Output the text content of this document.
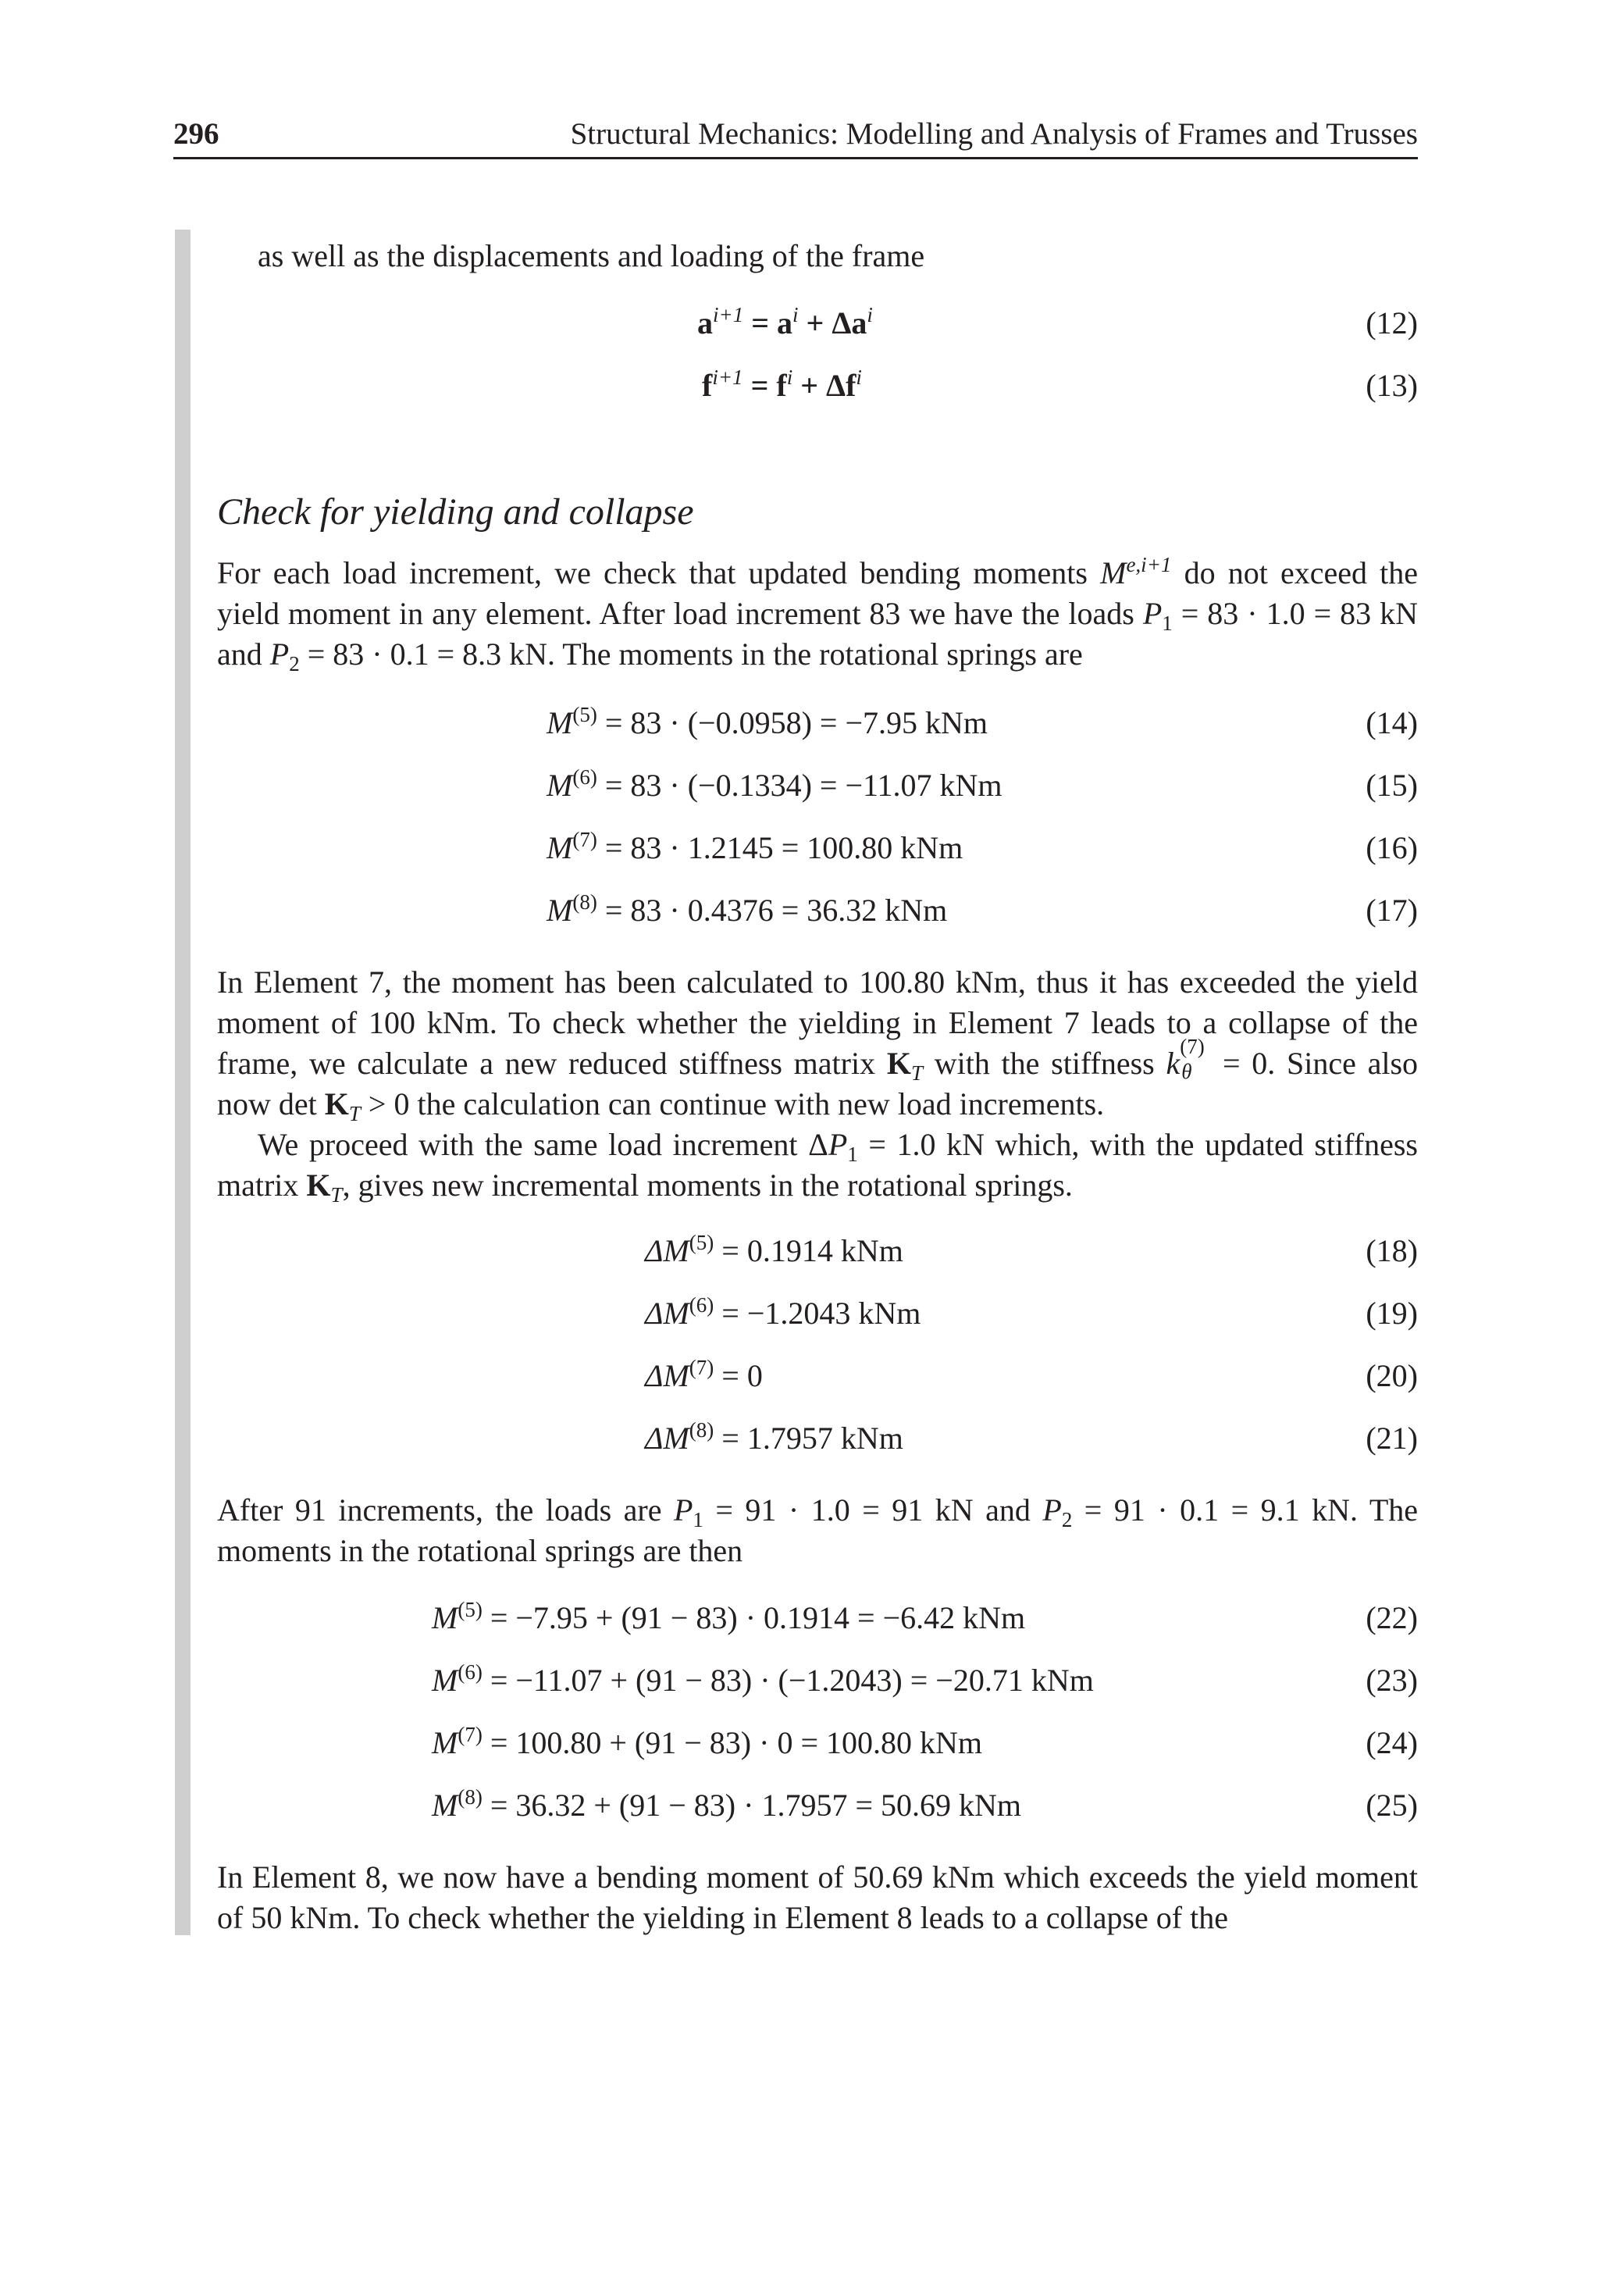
296	Structural Mechanics: Modelling and Analysis of Frames and Trusses
as well as the displacements and loading of the frame
$a^{i+1} = a^i + \Delta a^i$	(12)
$f^{i+1} = f^i + \Delta f^i$	(13)
Check for yielding and collapse
For each load increment, we check that updated bending moments $M^{e,i+1}$ do not exceed the yield moment in any element. After load increment 83 we have the loads $P_1 = 83 \cdot 1.0 = 83$ kN and $P_2 = 83 \cdot 0.1 = 8.3$ kN. The moments in the rotational springs are
$M^{(5)} = 83 \cdot (-0.0958) = -7.95$ kNm	(14)
$M^{(6)} = 83 \cdot (-0.1334) = -11.07$ kNm	(15)
$M^{(7)} = 83 \cdot 1.2145 = 100.80$ kNm	(16)
$M^{(8)} = 83 \cdot 0.4376 = 36.32$ kNm	(17)
In Element 7, the moment has been calculated to 100.80 kNm, thus it has exceeded the yield moment of 100 kNm. To check whether the yielding in Element 7 leads to a collapse of the frame, we calculate a new reduced stiffness matrix $K_T$ with the stiffness k (7)
θ = 0. Since also now $\det K_T > 0$ the calculation can continue with new load increments.
We proceed with the same load increment $\Delta P_1 = 1.0$ kN which, with the updated stiffness matrix $K_T$, gives new incremental moments in the rotational springs.
$\Delta M^{(5)} = 0.1914$ kNm	(18)
$\Delta M^{(6)} = -1.2043$ kNm	(19)
$\Delta M^{(7)} = 0$	(20)
$\Delta M^{(8)} = 1.7957$ kNm	(21)
After 91 increments, the loads are $P_1 = 91 \cdot 1.0 = 91$ kN and $P_2 = 91 \cdot 0.1 = 9.1$ kN. The moments in the rotational springs are then
$M^{(5)} = -7.95 + (91 - 83) \cdot 0.1914 = -6.42$ kNm	(22)
$M^{(6)} = -11.07 + (91 - 83) \cdot (-1.2043) = -20.71$ kNm	(23)
$M^{(7)} = 100.80 + (91 - 83) \cdot 0 = 100.80$ kNm	(24)
$M^{(8)} = 36.32 + (91 - 83) \cdot 1.7957 = 50.69$ kNm	(25)
In Element 8, we now have a bending moment of 50.69 kNm which exceeds the yield moment of 50 kNm. To check whether the yielding in Element 8 leads to a collapse of the
